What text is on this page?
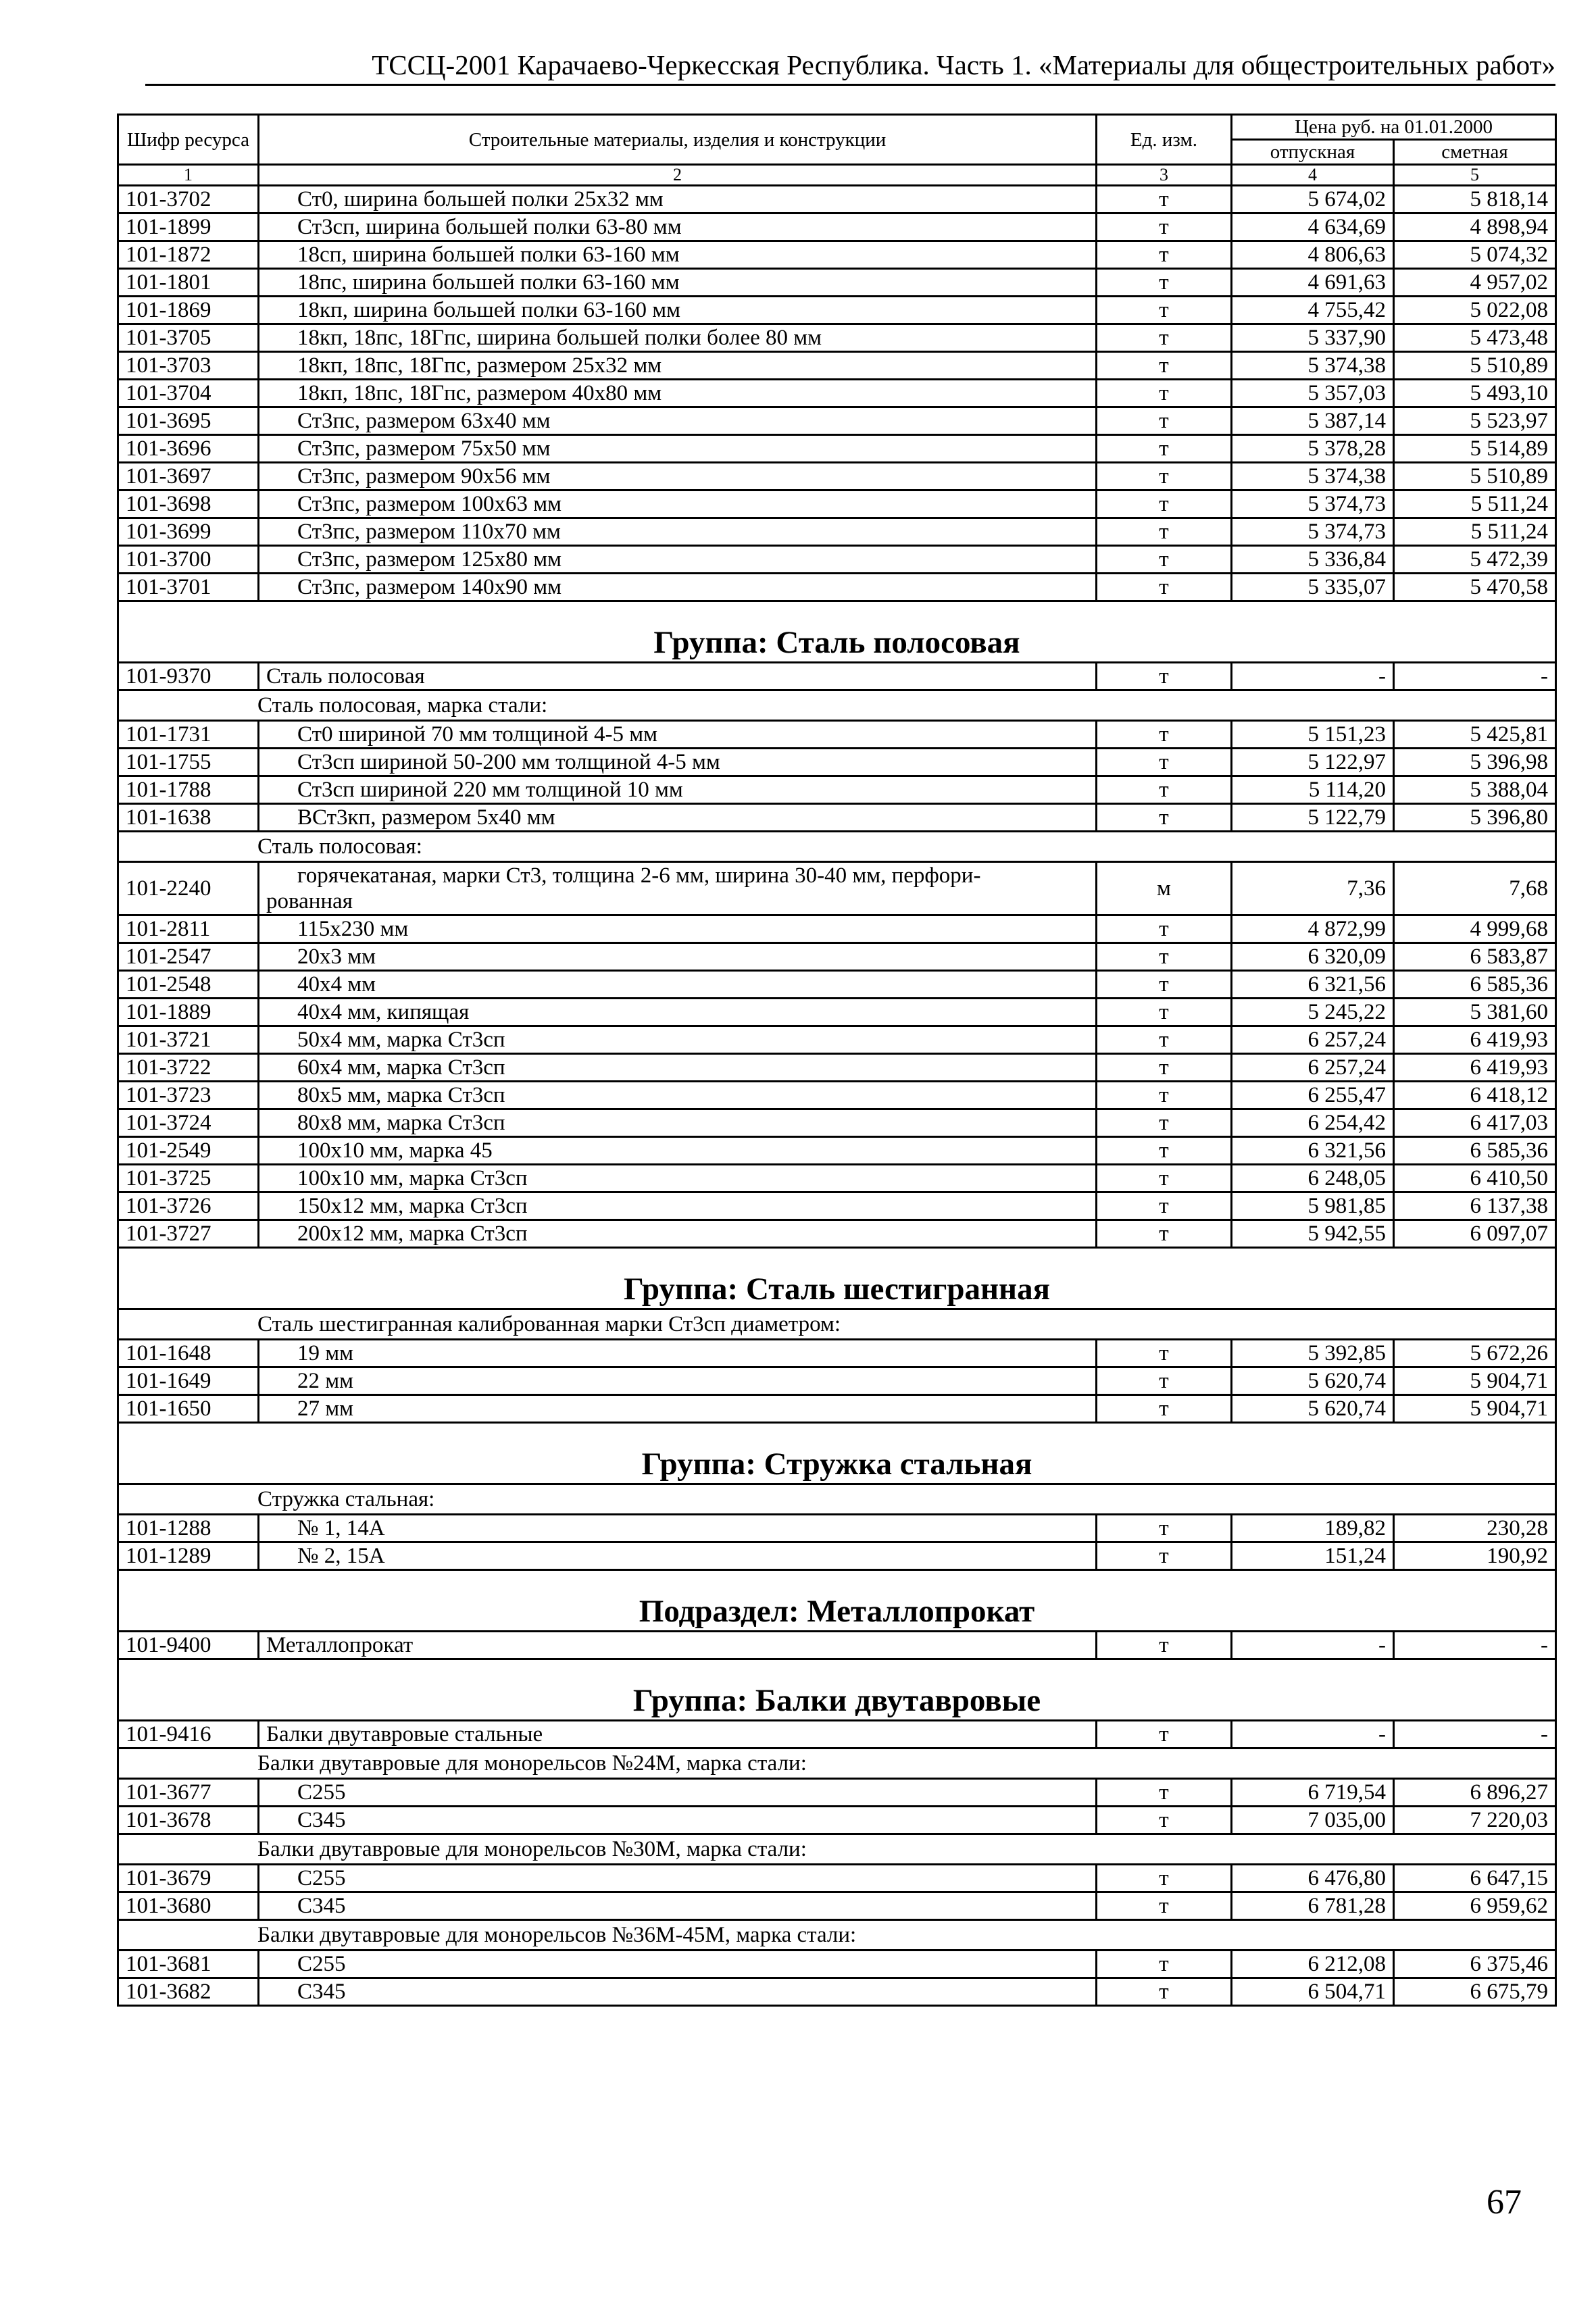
ТССЦ-2001 Карачаево-Черкесская Республика. Часть 1. «Материалы для общестроительных работ»
Шифр ресурса	Строительные материалы, изделия и конструкции	Ед. изм.	Цена руб. на 01.01.2000	
			отпускная	сметная
1	2	3	4	5
101-3702	Ст0, ширина большей полки 25х32 мм	т	5 674,02	5 818,14
101-1899	Ст3сп, ширина большей полки 63-80 мм	т	4 634,69	4 898,94
101-1872	18сп, ширина большей полки 63-160 мм	т	4 806,63	5 074,32
101-1801	18пс, ширина большей полки 63-160 мм	т	4 691,63	4 957,02
101-1869	18кп, ширина большей полки 63-160 мм	т	4 755,42	5 022,08
101-3705	18кп, 18пс, 18Гпс, ширина большей полки более 80 мм	т	5 337,90	5 473,48
101-3703	18кп, 18пс, 18Гпс, размером 25х32 мм	т	5 374,38	5 510,89
101-3704	18кп, 18пс, 18Гпс, размером 40х80 мм	т	5 357,03	5 493,10
101-3695	Ст3пс, размером 63х40 мм	т	5 387,14	5 523,97
101-3696	Ст3пс, размером 75х50 мм	т	5 378,28	5 514,89
101-3697	Ст3пс, размером 90х56 мм	т	5 374,38	5 510,89
101-3698	Ст3пс, размером 100х63 мм	т	5 374,73	5 511,24
101-3699	Ст3пс, размером 110х70 мм	т	5 374,73	5 511,24
101-3700	Ст3пс, размером 125х80 мм	т	5 336,84	5 472,39
101-3701	Ст3пс, размером 140х90 мм	т	5 335,07	5 470,58
Группа: Сталь полосовая				
101-9370	Сталь полосовая	т	-	-
Сталь полосовая, марка стали:				
101-1731	Ст0 шириной 70 мм толщиной 4-5 мм	т	5 151,23	5 425,81
101-1755	Ст3сп шириной 50-200 мм толщиной 4-5 мм	т	5 122,97	5 396,98
101-1788	Ст3сп шириной 220 мм толщиной 10 мм	т	5 114,20	5 388,04
101-1638	ВСт3кп, размером 5х40 мм	т	5 122,79	5 396,80
Сталь полосовая:				
101-2240	горячекатаная, марки Ст3, толщина 2-6 мм, ширина 30-40 мм, перфори-
рованная	м	7,36	7,68
101-2811	115х230 мм	т	4 872,99	4 999,68
101-2547	20х3 мм	т	6 320,09	6 583,87
101-2548	40х4 мм	т	6 321,56	6 585,36
101-1889	40х4 мм, кипящая	т	5 245,22	5 381,60
101-3721	50х4 мм, марка Ст3сп	т	6 257,24	6 419,93
101-3722	60х4 мм, марка Ст3сп	т	6 257,24	6 419,93
101-3723	80х5 мм, марка Ст3сп	т	6 255,47	6 418,12
101-3724	80х8 мм, марка Ст3сп	т	6 254,42	6 417,03
101-2549	100х10 мм, марка 45	т	6 321,56	6 585,36
101-3725	100х10 мм, марка Ст3сп	т	6 248,05	6 410,50
101-3726	150х12 мм, марка Ст3сп	т	5 981,85	6 137,38
101-3727	200х12 мм, марка Ст3сп	т	5 942,55	6 097,07
Группа: Сталь шестигранная				
Сталь шестигранная калиброванная марки Ст3сп диаметром:				
101-1648	19 мм	т	5 392,85	5 672,26
101-1649	22 мм	т	5 620,74	5 904,71
101-1650	27 мм	т	5 620,74	5 904,71
Группа: Стружка стальная				
Стружка стальная:				
101-1288	№ 1, 14А	т	189,82	230,28
101-1289	№ 2, 15А	т	151,24	190,92
Подраздел: Металлопрокат				
101-9400	Металлопрокат	т	-	-
Группа: Балки двутавровые				
101-9416	Балки двутавровые стальные	т	-	-
Балки двутавровые для монорельсов №24М, марка стали:				
101-3677	С255	т	6 719,54	6 896,27
101-3678	С345	т	7 035,00	7 220,03
Балки двутавровые для монорельсов №30М, марка стали:				
101-3679	С255	т	6 476,80	6 647,15
101-3680	С345	т	6 781,28	6 959,62
Балки двутавровые для монорельсов №36М-45М, марка стали:				
101-3681	С255	т	6 212,08	6 375,46
101-3682	С345	т	6 504,71	6 675,79
67
